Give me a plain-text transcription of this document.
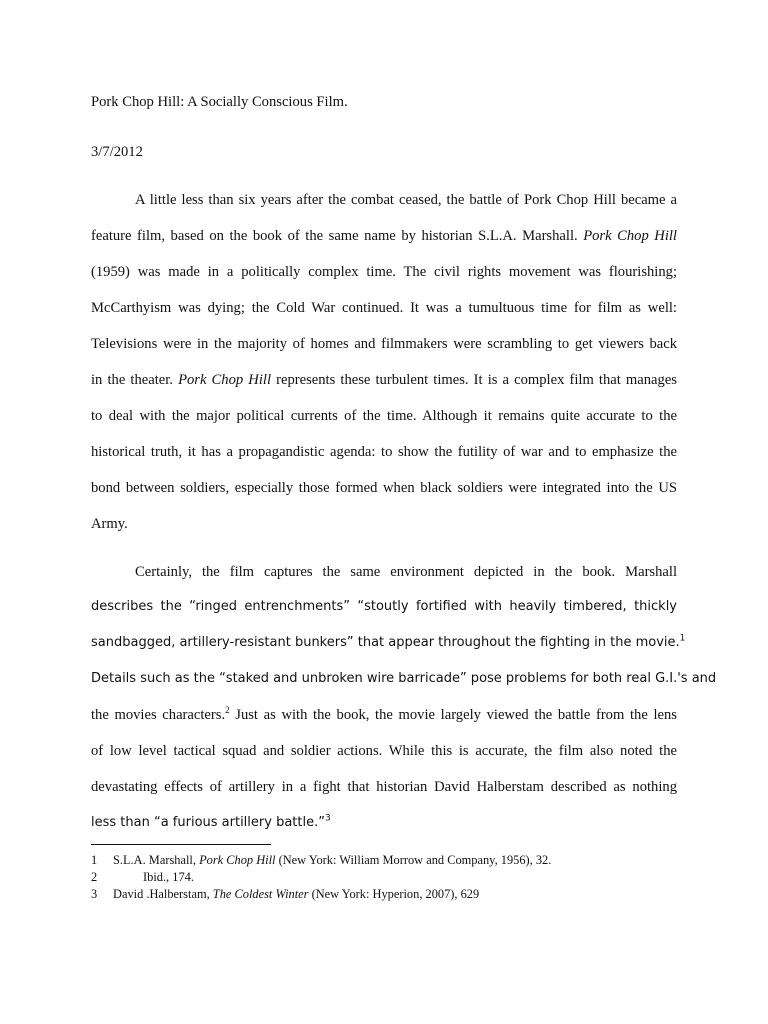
Pork Chop Hill: A Socially Conscious Film.
3/7/2012
A little less than six years after the combat ceased, the battle of Pork Chop Hill became a
feature film, based on the book of the same name by historian S.L.A. Marshall. Pork Chop Hill
(1959) was made in a politically complex time. The civil rights movement was flourishing;
McCarthyism was dying; the Cold War continued. It was a tumultuous time for film as well:
Televisions were in the majority of homes and filmmakers were scrambling to get viewers back
in the theater. Pork Chop Hill represents these turbulent times. It is a complex film that manages
to deal with the major political currents of the time. Although it remains quite accurate to the
historical truth, it has a propagandistic agenda: to show the futility of war and to emphasize the
bond between soldiers, especially those formed when black soldiers were integrated into the US
Army.
Certainly, the film captures the same environment depicted in the book. Marshall
describes the “ringed entrenchments” “stoutly fortified with heavily timbered, thickly
sandbagged, artillery-resistant bunkers” that appear throughout the fighting in the movie.$^1$
Details such as the “staked and unbroken wire barricade” pose problems for both real G.I.'s and
the movies characters.$^2$ Just as with the book, the movie largely viewed the battle from the lens
of low level tactical squad and soldier actions. While this is accurate, the film also noted the
devastating effects of artillery in a fight that historian David Halberstam described as nothing
less than “a furious artillery battle.”$^3$
1 S.L.A. Marshall, Pork Chop Hill (New York: William Morrow and Company, 1956), 32.
2	Ibid., 174.
3 David .Halberstam, The Coldest Winter (New York: Hyperion, 2007), 629
